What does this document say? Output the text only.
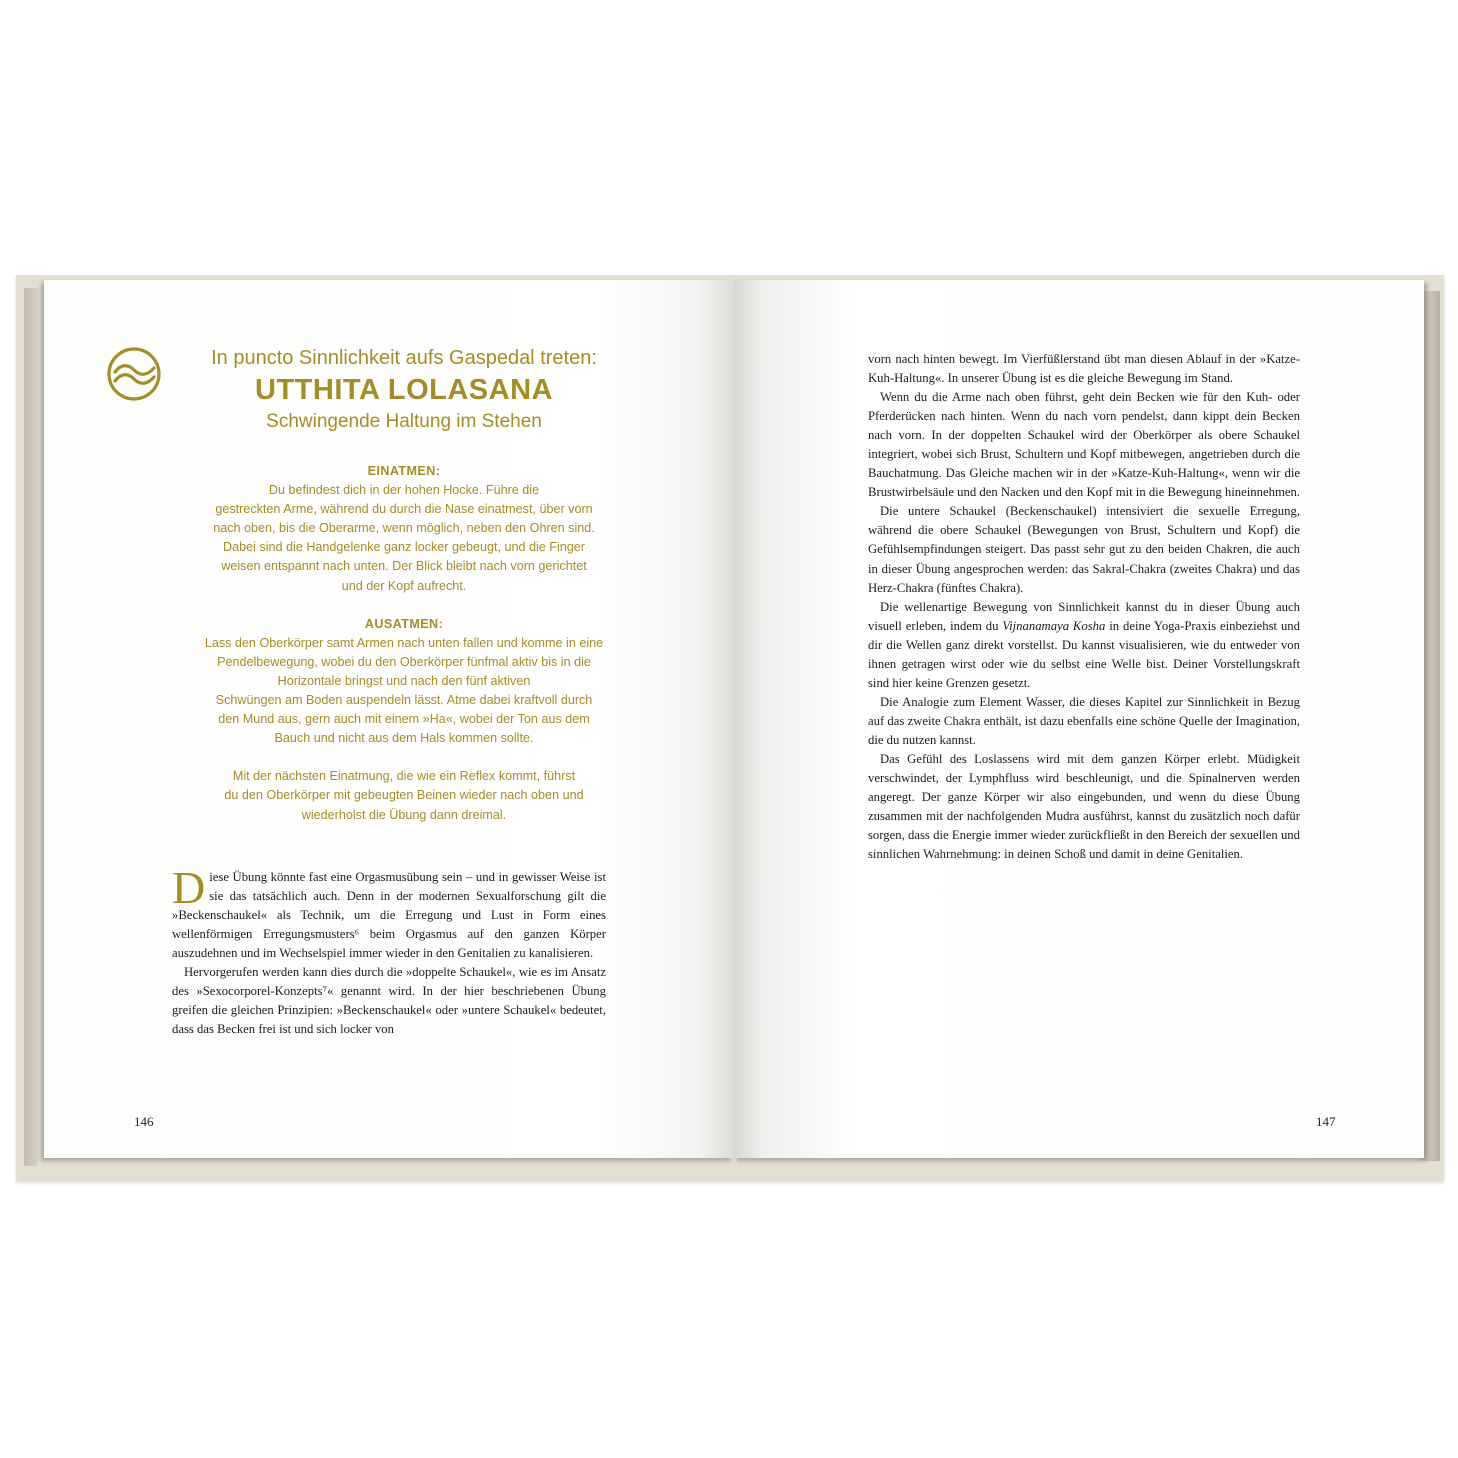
In puncto Sinnlichkeit aufs Gaspedal treten:
UTTHITA LOLASANA
Schwingende Haltung im Stehen
EINATMEN:
Du befindest dich in der hohen Hocke. Führe die
gestreckten Arme, während du durch die Nase einatmest, über vorn
nach oben, bis die Oberarme, wenn möglich, neben den Ohren sind.
Dabei sind die Handgelenke ganz locker gebeugt, und die Finger
weisen entspannt nach unten. Der Blick bleibt nach vorn gerichtet
und der Kopf aufrecht.
AUSATMEN:
Lass den Oberkörper samt Armen nach unten fallen und komme in eine
Pendelbewegung, wobei du den Oberkörper fünfmal aktiv bis in die
Horizontale bringst und nach den fünf aktiven
Schwüngen am Boden auspendeln lässt. Atme dabei kraftvoll durch
den Mund aus, gern auch mit einem »Ha«, wobei der Ton aus dem
Bauch und nicht aus dem Hals kommen sollte.
Mit der nächsten Einatmung, die wie ein Reflex kommt, führst
du den Oberkörper mit gebeugten Beinen wieder nach oben und
wiederholst die Übung dann dreimal.

Diese Übung könnte fast eine Orgasmusübung sein – und in gewisser Weise ist sie das tatsächlich auch. Denn in der modernen Sexualforschung gilt die »Beckenschaukel« als Technik, um die Erregung und Lust in Form eines wellenförmigen Erregungsmusters⁶ beim Orgasmus auf den ganzen Körper auszudehnen und im Wechselspiel immer wieder in den Genitalien zu kanalisieren.

Hervorgerufen werden kann dies durch die »doppelte Schaukel«, wie es im Ansatz des »Sexocorporel-Konzepts⁷« genannt wird. In der hier beschriebenen Übung greifen die gleichen Prinzipien: »Beckenschaukel« oder »untere Schaukel« bedeutet, dass das Becken frei ist und sich locker von

146

vorn nach hinten bewegt. Im Vierfüßlerstand übt man diesen Ablauf in der »Katze-Kuh-Haltung«. In unserer Übung ist es die gleiche Bewegung im Stand.

Wenn du die Arme nach oben führst, geht dein Becken wie für den Kuh- oder Pferderücken nach hinten. Wenn du nach vorn pendelst, dann kippt dein Becken nach vorn. In der doppelten Schaukel wird der Oberkörper als obere Schaukel integriert, wobei sich Brust, Schultern und Kopf mitbewegen, angetrieben durch die Bauchatmung. Das Gleiche machen wir in der »Katze-Kuh-Haltung«, wenn wir die Brustwirbelsäule und den Nacken und den Kopf mit in die Bewegung hineinnehmen.

Die untere Schaukel (Beckenschaukel) intensiviert die sexuelle Erregung, während die obere Schaukel (Bewegungen von Brust, Schultern und Kopf) die Gefühlsempfindungen steigert. Das passt sehr gut zu den beiden Chakren, die auch in dieser Übung angesprochen werden: das Sakral-Chakra (zweites Chakra) und das Herz-Chakra (fünftes Chakra).

Die wellenartige Bewegung von Sinnlichkeit kannst du in dieser Übung auch visuell erleben, indem du Vijnanamaya Kosha in deine Yoga-Praxis einbeziehst und dir die Wellen ganz direkt vorstellst. Du kannst visualisieren, wie du entweder von ihnen getragen wirst oder wie du selbst eine Welle bist. Deiner Vorstellungskraft sind hier keine Grenzen gesetzt.

Die Analogie zum Element Wasser, die dieses Kapitel zur Sinnlichkeit in Bezug auf das zweite Chakra enthält, ist dazu ebenfalls eine schöne Quelle der Imagination, die du nutzen kannst.

Das Gefühl des Loslassens wird mit dem ganzen Körper erlebt. Müdigkeit verschwindet, der Lymphfluss wird beschleunigt, und die Spinalnerven werden angeregt. Der ganze Körper wir also eingebunden, und wenn du diese Übung zusammen mit der nachfolgenden Mudra ausführst, kannst du zusätzlich noch dafür sorgen, dass die Energie immer wieder zurückfließt in den Bereich der sexuellen und sinnlichen Wahrnehmung: in deinen Schoß und damit in deine Genitalien.

147
